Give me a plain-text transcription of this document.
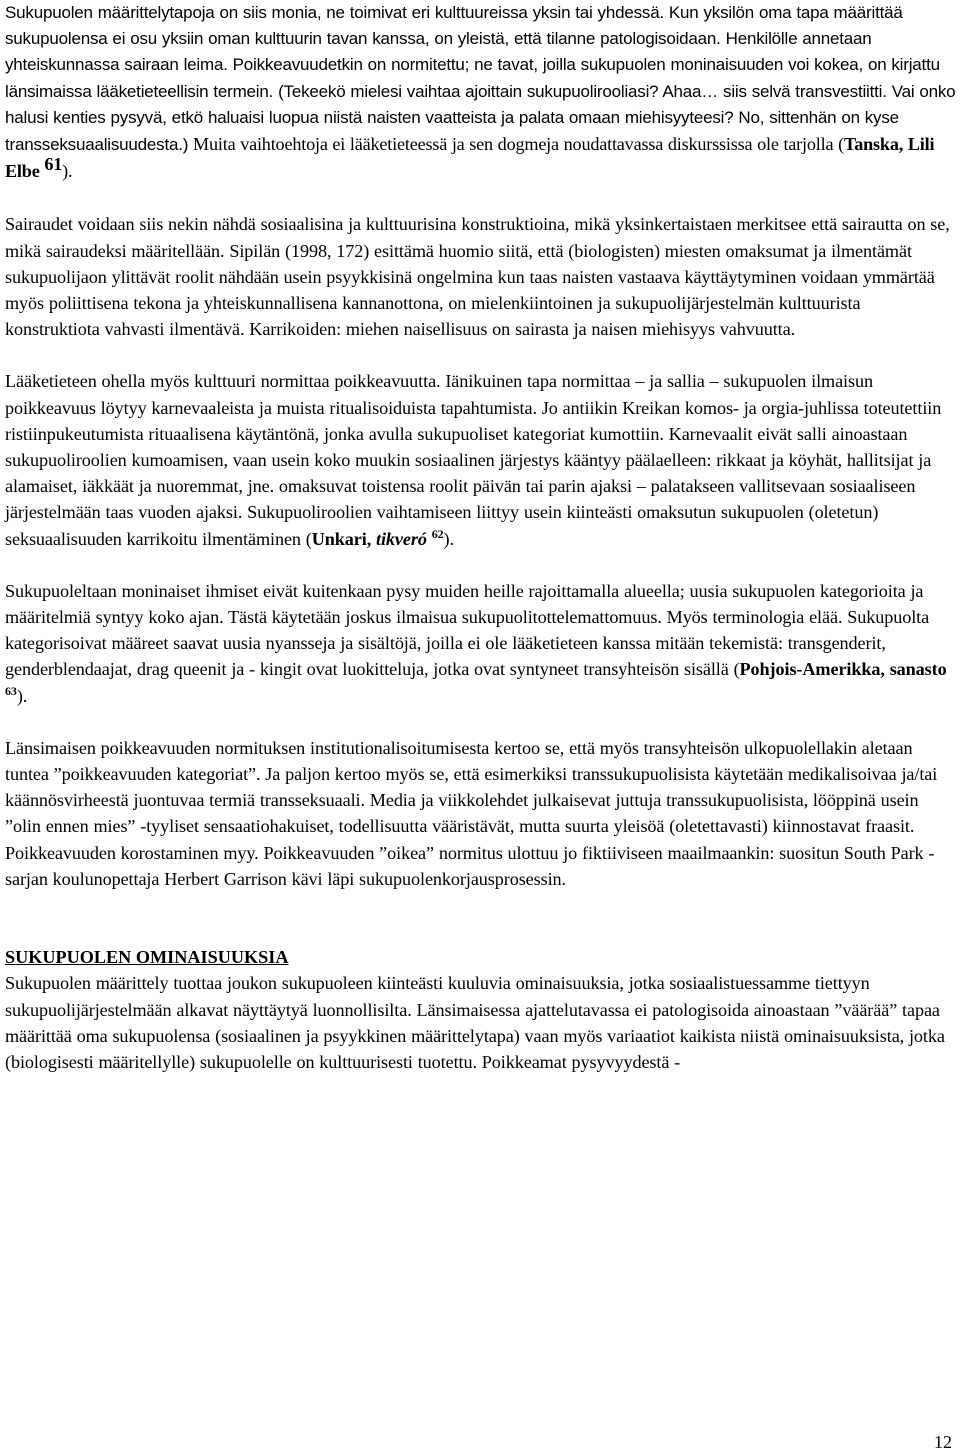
Sukupuolen määrittelytapoja on siis monia, ne toimivat eri kulttuureissa yksin tai yhdessä. Kun yksilön oma tapa määrittää sukupuolensa ei osu yksiin oman kulttuurin tavan kanssa, on yleistä, että tilanne patologisoidaan. Henkilölle annetaan yhteiskunnassa sairaan leima. Poikkeavuudetkin on normitettu; ne tavat, joilla sukupuolen moninaisuuden voi kokea, on kirjattu länsimaissa lääketieteellisin termein. (Tekeekö mielesi vaihtaa ajoittain sukupuolirooliasi? Ahaa… siis selvä transvestiitti. Vai onko halusi kenties pysyvä, etkö haluaisi luopua niistä naisten vaatteista ja palata omaan miehisyyteesi? No, sittenhän on kyse transseksuaalisuudesta.) Muita vaihtoehtoja ei lääketieteessä ja sen dogmeja noudattavassa diskurssissa ole tarjolla (Tanska, Lili Elbe $^{61}$).

Sairaudet voidaan siis nekin nähdä sosiaalisina ja kulttuurisina konstruktioina, mikä yksinkertaistaen merkitsee että sairautta on se, mikä sairaudeksi määritellään. Sipilän (1998, 172) esittämä huomio siitä, että (biologisten) miesten omaksumat ja ilmentämät sukupuolijaon ylittävät roolit nähdään usein psyykkisinä ongelmina kun taas naisten vastaava käyttäytyminen voidaan ymmärtää myös poliittisena tekona ja yhteiskunnallisena kannanottona, on mielenkiintoinen ja sukupuolijärjestelmän kulttuurista konstruktiota vahvasti ilmentävä. Karrikoiden: miehen naisellisuus on sairasta ja naisen miehisyys vahvuutta.

Lääketieteen ohella myös kulttuuri normittaa poikkeavuutta. Iänikuinen tapa normittaa – ja sallia – sukupuolen ilmaisun poikkeavuus löytyy karnevaaleista ja muista ritualisoiduista tapahtumista. Jo antiikin Kreikan komos- ja orgia-juhlissa toteutettiin ristiinpukeutumista rituaalisena käytäntönä, jonka avulla sukupuoliset kategoriat kumottiin. Karnevaalit eivät salli ainoastaan sukupuoliroolien kumoamisen, vaan usein koko muukin sosiaalinen järjestys kääntyy päälaelleen: rikkaat ja köyhät, hallitsijat ja alamaiset, iäkkäät ja nuoremmat, jne. omaksuvat toistensa roolit päivän tai parin ajaksi – palatakseen vallitsevaan sosiaaliseen järjestelmään taas vuoden ajaksi. Sukupuoliroolien vaihtamiseen liittyy usein kiinteästi omaksutun sukupuolen (oletetun) seksuaalisuuden karrikoitu ilmentäminen (Unkari, tikveró $^{62}$).

Sukupuoleltaan moninaiset ihmiset eivät kuitenkaan pysy muiden heille rajoittamalla alueella; uusia sukupuolen kategorioita ja määritelmiä syntyy koko ajan. Tästä käytetään joskus ilmaisua sukupuolitottelemattomuus. Myös terminologia elää. Sukupuolta kategorisoivat määreet saavat uusia nyansseja ja sisältöjä, joilla ei ole lääketieteen kanssa mitään tekemistä: transgenderit, genderblendaajat, drag queenit ja - kingit ovat luokitteluja, jotka ovat syntyneet transyhteisön sisällä (Pohjois-Amerikka, sanasto $^{63}$).

Länsimaisen poikkeavuuden normituksen institutionalisoitumisesta kertoo se, että myös transyhteisön ulkopuolellakin aletaan tuntea ”poikkeavuuden kategoriat”. Ja paljon kertoo myös se, että esimerkiksi transsukupuolisista käytetään medikalisoivaa ja/tai käännösvirheestä juontuvaa termiä transseksuaali. Media ja viikkolehdet julkaisevat juttuja transsukupuolisista, lööppinä usein ”olin ennen mies” -tyyliset sensaatiohakuiset, todellisuutta vääristävät, mutta suurta yleisöä (oletettavasti) kiinnostavat fraasit. Poikkeavuuden korostaminen myy. Poikkeavuuden ”oikea” normitus ulottuu jo fiktiiviseen maailmaankin: suositun South Park -sarjan koulunopettaja Herbert Garrison kävi läpi sukupuolenkorjausprosessin.

SUKUPUOLEN OMINAISUUKSIA

Sukupuolen määrittely tuottaa joukon sukupuoleen kiinteästi kuuluvia ominaisuuksia, jotka sosiaalistuessamme tiettyyn sukupuolijärjestelmään alkavat näyttäytyä luonnollisilta. Länsimaisessa ajattelutavassa ei patologisoida ainoastaan ”väärää” tapaa määrittää oma sukupuolensa (sosiaalinen ja psyykkinen määrittelytapa) vaan myös variaatiot kaikista niistä ominaisuuksista, jotka (biologisesti määritellylle) sukupuolelle on kulttuurisesti tuotettu. Poikkeamat pysyvyydestä -

12
